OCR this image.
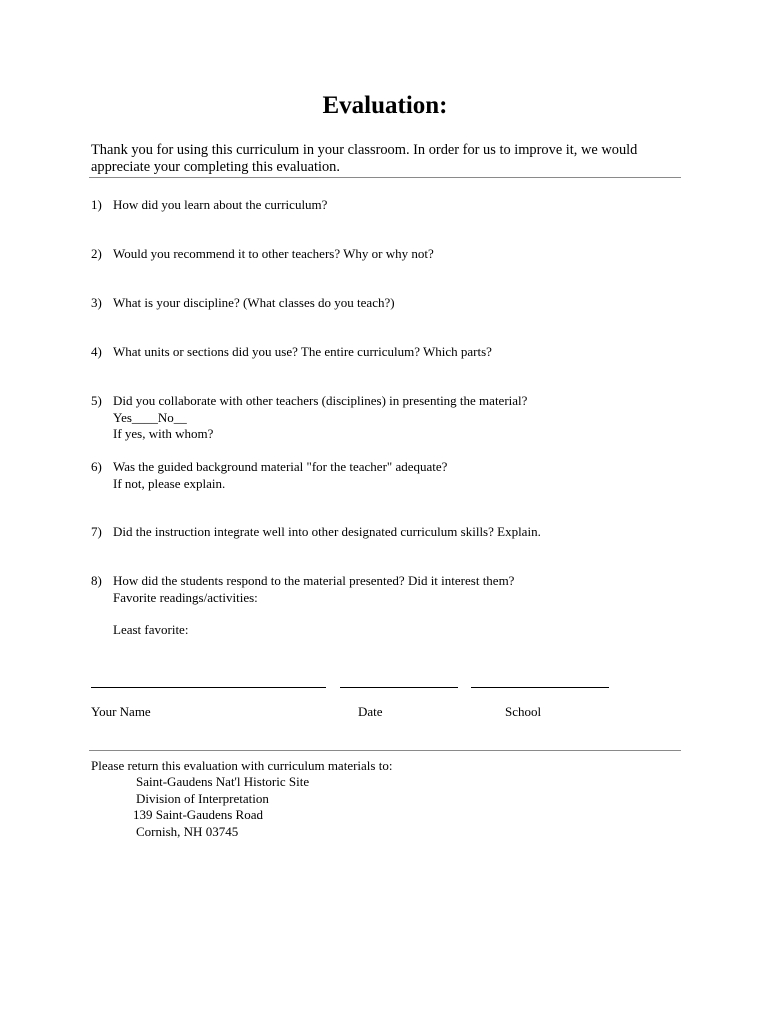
Evaluation:
Thank you for using this curriculum in your classroom. In order for us to improve it, we would
appreciate your completing this evaluation.
1) How did you learn about the curriculum?
2) Would you recommend it to other teachers? Why or why not?
3) What is your discipline? (What classes do you teach?)
4) What units or sections did you use? The entire curriculum? Which parts?
5) Did you collaborate with other teachers (disciplines) in presenting the material?
Yes____No__
If yes, with whom?
6) Was the guided background material "for the teacher" adequate?
If not, please explain.
7) Did the instruction integrate well into other designated curriculum skills? Explain.
8) How did the students respond to the material presented? Did it interest them?
Favorite readings/activities:
Least favorite:
Your Name	Date	School
Please return this evaluation with curriculum materials to:
Saint-Gaudens Nat'l Historic Site
Division of Interpretation
139 Saint-Gaudens Road
Cornish, NH 03745
